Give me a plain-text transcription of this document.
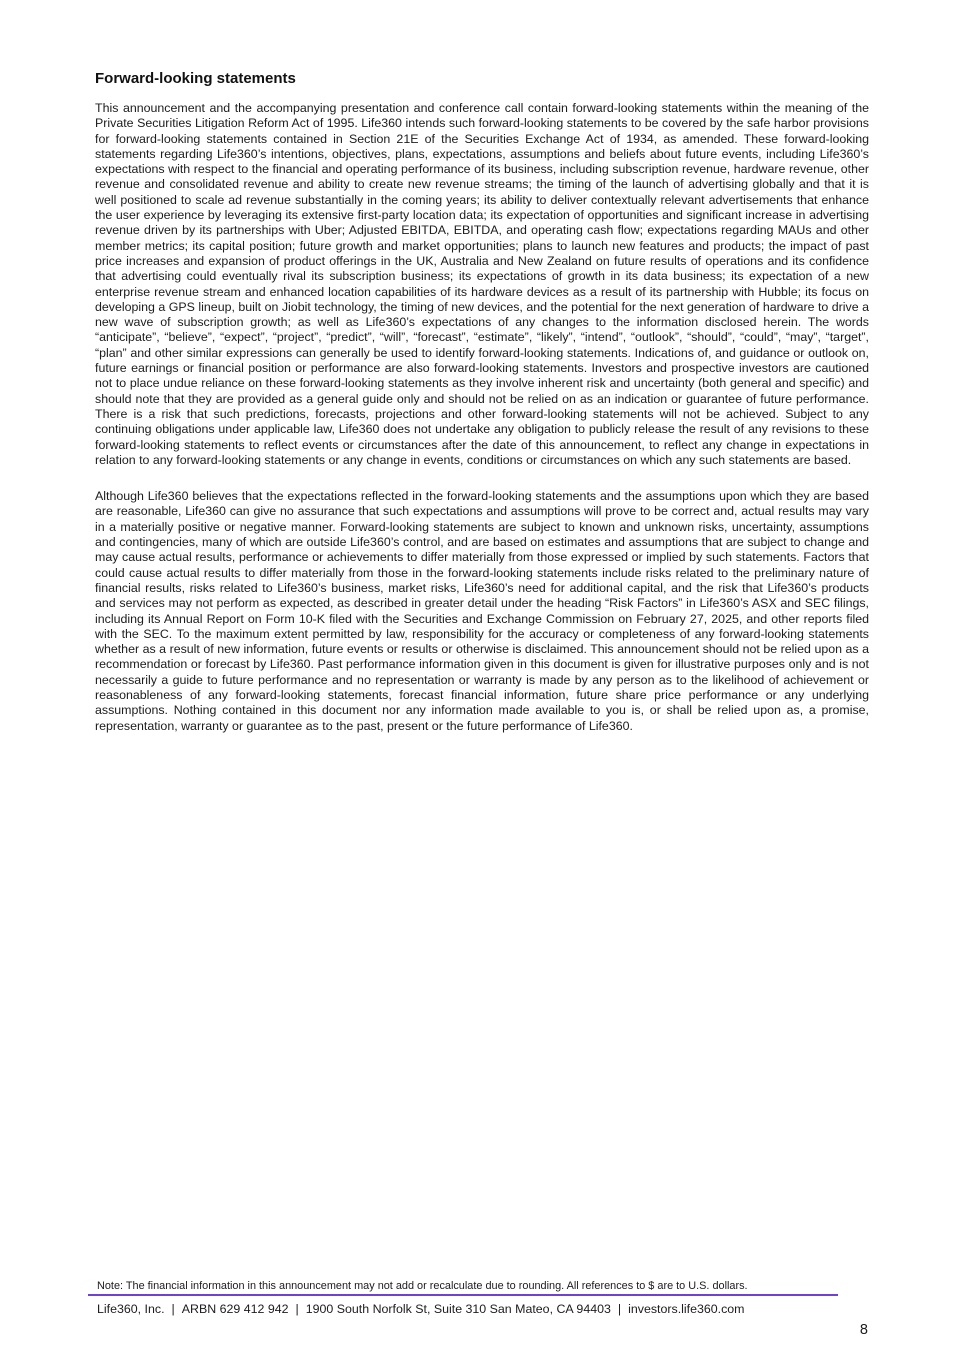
Forward-looking statements

This announcement and the accompanying presentation and conference call contain forward-looking statements within the meaning of the Private Securities Litigation Reform Act of 1995. Life360 intends such forward-looking statements to be covered by the safe harbor provisions for forward-looking statements contained in Section 21E of the Securities Exchange Act of 1934, as amended. These forward-looking statements regarding Life360’s intentions, objectives, plans, expectations, assumptions and beliefs about future events, including Life360’s expectations with respect to the financial and operating performance of its business, including subscription revenue, hardware revenue, other revenue and consolidated revenue and ability to create new revenue streams; the timing of the launch of advertising globally and that it is well positioned to scale ad revenue substantially in the coming years; its ability to deliver contextually relevant advertisements that enhance the user experience by leveraging its extensive first-party location data; its expectation of opportunities and significant increase in advertising revenue driven by its partnerships with Uber; Adjusted EBITDA, EBITDA, and operating cash flow; expectations regarding MAUs and other member metrics; its capital position; future growth and market opportunities; plans to launch new features and products; the impact of past price increases and expansion of product offerings in the UK, Australia and New Zealand on future results of operations and its confidence that advertising could eventually rival its subscription business; its expectations of growth in its data business; its expectation of a new enterprise revenue stream and enhanced location capabilities of its hardware devices as a result of its partnership with Hubble; its focus on developing a GPS lineup, built on Jiobit technology, the timing of new devices, and the potential for the next generation of hardware to drive a new wave of subscription growth; as well as Life360’s expectations of any changes to the information disclosed herein. The words “anticipate”, “believe”, “expect”, “project”, “predict”, “will”, “forecast”, “estimate”, “likely”, “intend”, “outlook”, “should”, “could”, “may”, “target”, “plan” and other similar expressions can generally be used to identify forward-looking statements. Indications of, and guidance or outlook on, future earnings or financial position or performance are also forward-looking statements. Investors and prospective investors are cautioned not to place undue reliance on these forward-looking statements as they involve inherent risk and uncertainty (both general and specific) and should note that they are provided as a general guide only and should not be relied on as an indication or guarantee of future performance. There is a risk that such predictions, forecasts, projections and other forward-looking statements will not be achieved. Subject to any continuing obligations under applicable law, Life360 does not undertake any obligation to publicly release the result of any revisions to these forward-looking statements to reflect events or circumstances after the date of this announcement, to reflect any change in expectations in relation to any forward-looking statements or any change in events, conditions or circumstances on which any such statements are based.

Although Life360 believes that the expectations reflected in the forward-looking statements and the assumptions upon which they are based are reasonable, Life360 can give no assurance that such expectations and assumptions will prove to be correct and, actual results may vary in a materially positive or negative manner. Forward-looking statements are subject to known and unknown risks, uncertainty, assumptions and contingencies, many of which are outside Life360’s control, and are based on estimates and assumptions that are subject to change and may cause actual results, performance or achievements to differ materially from those expressed or implied by such statements. Factors that could cause actual results to differ materially from those in the forward-looking statements include risks related to the preliminary nature of financial results, risks related to Life360’s business, market risks, Life360’s need for additional capital, and the risk that Life360’s products and services may not perform as expected, as described in greater detail under the heading “Risk Factors” in Life360’s ASX and SEC filings, including its Annual Report on Form 10-K filed with the Securities and Exchange Commission on February 27, 2025, and other reports filed with the SEC. To the maximum extent permitted by law, responsibility for the accuracy or completeness of any forward-looking statements whether as a result of new information, future events or results or otherwise is disclaimed. This announcement should not be relied upon as a recommendation or forecast by Life360. Past performance information given in this document is given for illustrative purposes only and is not necessarily a guide to future performance and no representation or warranty is made by any person as to the likelihood of achievement or reasonableness of any forward-looking statements, forecast financial information, future share price performance or any underlying assumptions. Nothing contained in this document nor any information made available to you is, or shall be relied upon as, a promise, representation, warranty or guarantee as to the past, present or the future performance of Life360.

Note: The financial information in this announcement may not add or recalculate due to rounding. All references to $ are to U.S. dollars.
Life360, Inc. | ARBN 629 412 942 | 1900 South Norfolk St, Suite 310 San Mateo, CA 94403 | investors.life360.com
8
